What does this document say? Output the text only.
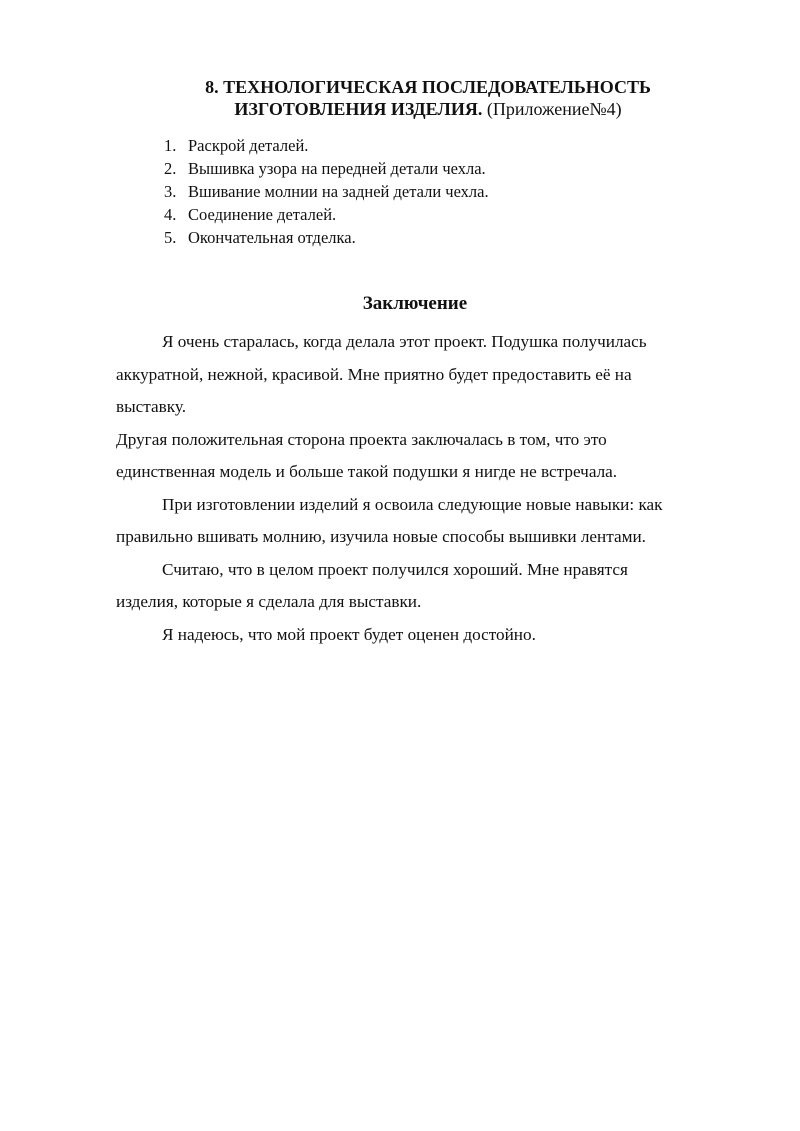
8. ТЕХНОЛОГИЧЕСКАЯ ПОСЛЕДОВАТЕЛЬНОСТЬ
ИЗГОТОВЛЕНИЯ ИЗДЕЛИЯ. (Приложение№4)
1. Раскрой деталей.
2. Вышивка узора на передней детали чехла.
3. Вшивание молнии на задней детали чехла.
4. Соединение деталей.
5. Окончательная отделка.
Заключение
Я очень старалась, когда делала этот проект. Подушка получилась
аккуратной, нежной, красивой. Мне приятно будет предоставить её на
выставку.
Другая положительная сторона проекта заключалась в том, что это
единственная модель и больше такой подушки я нигде не встречала.
При изготовлении изделий я освоила следующие новые навыки: как
правильно вшивать молнию, изучила новые способы вышивки лентами.
Считаю, что в целом проект получился хороший. Мне нравятся
изделия, которые я сделала для выставки.
Я надеюсь, что мой проект будет оценен достойно.
